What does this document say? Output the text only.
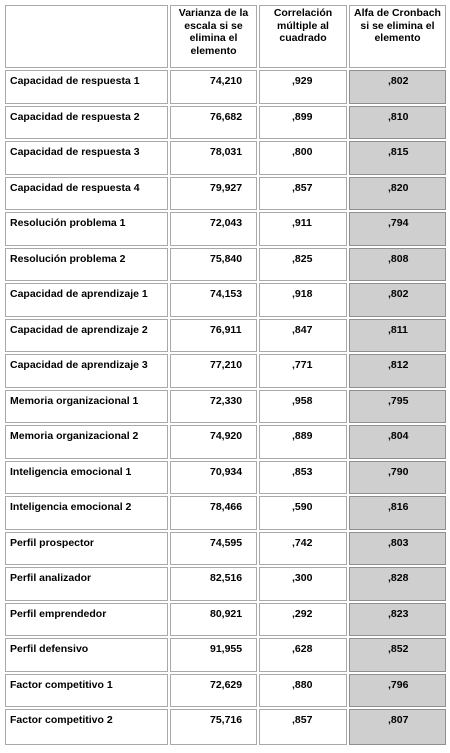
	Varianza de la escala si se elimina el elemento	Correlación múltiple al cuadrado	Alfa de Cronbach si se elimina el elemento
Capacidad de respuesta 1	74,210	,929	,802
Capacidad de respuesta 2	76,682	,899	,810
Capacidad de respuesta 3	78,031	,800	,815
Capacidad de respuesta 4	79,927	,857	,820
Resolución problema 1	72,043	,911	,794
Resolución problema 2	75,840	,825	,808
Capacidad de aprendizaje 1	74,153	,918	,802
Capacidad de aprendizaje 2	76,911	,847	,811
Capacidad de aprendizaje 3	77,210	,771	,812
Memoria organizacional 1	72,330	,958	,795
Memoria organizacional 2	74,920	,889	,804
Inteligencia emocional 1	70,934	,853	,790
Inteligencia emocional 2	78,466	,590	,816
Perfil prospector	74,595	,742	,803
Perfil analizador	82,516	,300	,828
Perfil emprendedor	80,921	,292	,823
Perfil defensivo	91,955	,628	,852
Factor competitivo 1	72,629	,880	,796
Factor competitivo 2	75,716	,857	,807
